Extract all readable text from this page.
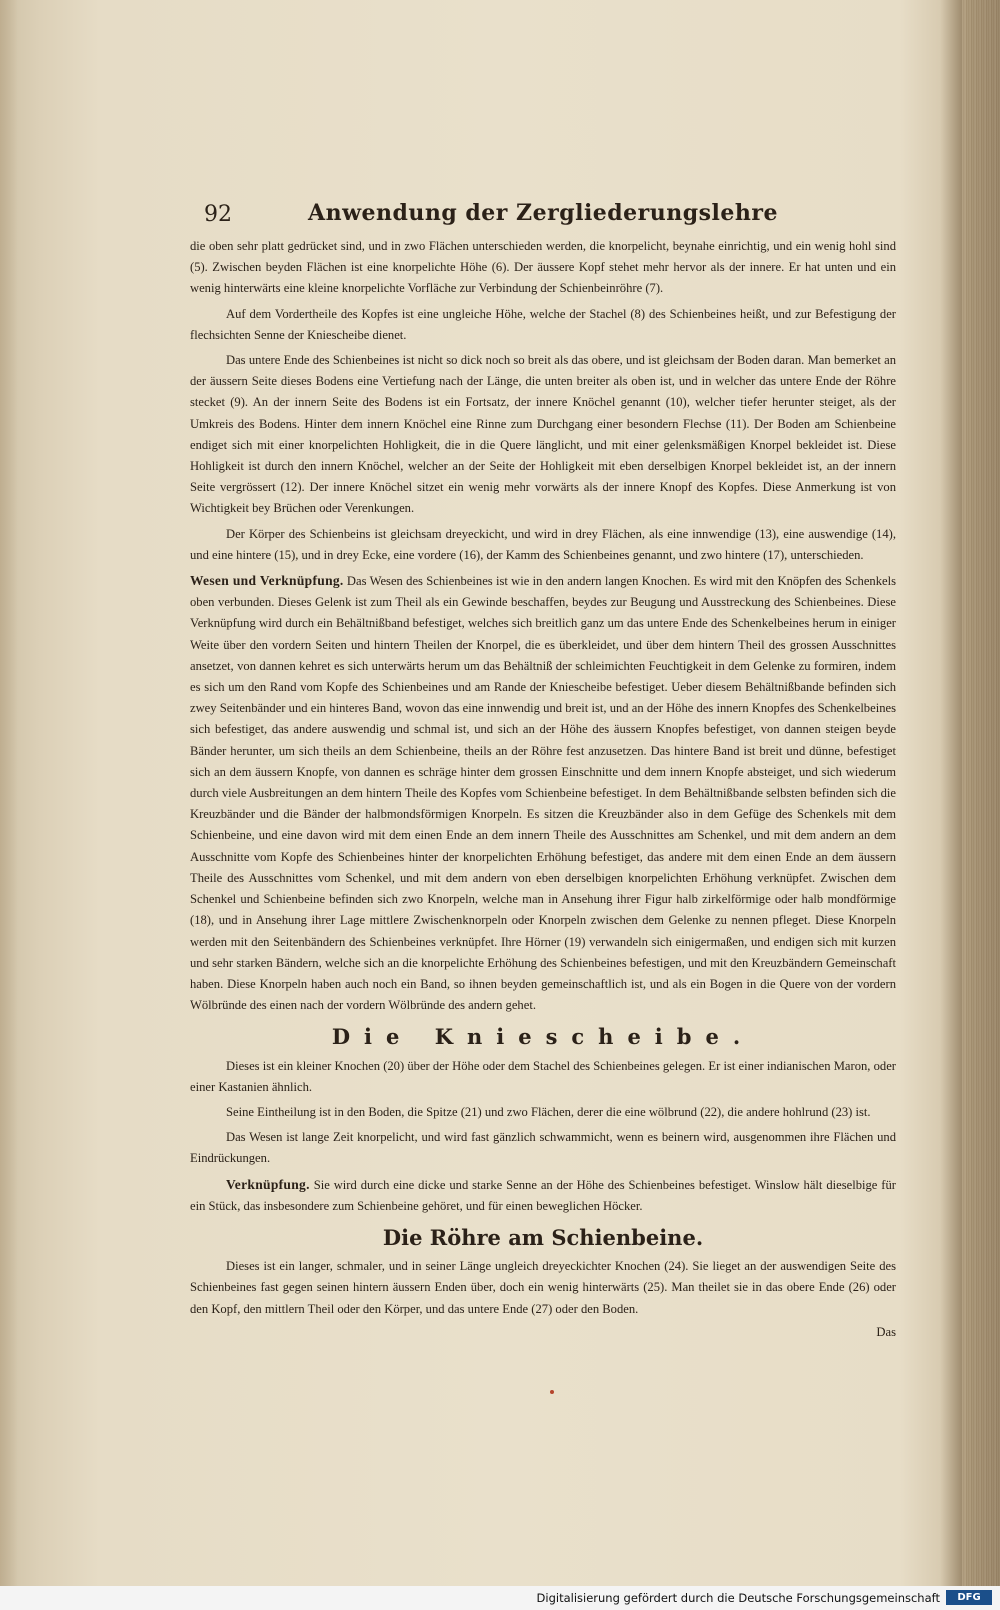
92	Anwendung der Zergliederungslehre

die oben sehr platt gedrücket sind, und in zwo Flächen unterschieden werden, die knorpelicht, beynahe einrichtig, und ein wenig hohl sind (5). Zwischen beyden Flächen ist eine knorpelichte Höhe (6). Der äussere Kopf stehet mehr hervor als der innere. Er hat unten und ein wenig hinterwärts eine kleine knorpelichte Vorfläche zur Verbindung der Schienbeinröhre (7).

Auf dem Vordertheile des Kopfes ist eine ungleiche Höhe, welche der Stachel (8) des Schienbeines heißt, und zur Befestigung der flechsichten Senne der Kniescheibe dienet.

Das untere Ende des Schienbeines ist nicht so dick noch so breit als das obere, und ist gleichsam der Boden daran. Man bemerket an der äussern Seite dieses Bodens eine Vertiefung nach der Länge, die unten breiter als oben ist, und in welcher das untere Ende der Röhre stecket (9). An der innern Seite des Bodens ist ein Fortsatz, der innere Knöchel genannt (10), welcher tiefer herunter steiget, als der Umkreis des Bodens. Hinter dem innern Knöchel eine Rinne zum Durchgang einer besondern Flechse (11). Der Boden am Schienbeine endiget sich mit einer knorpelichten Hohligkeit, die in die Quere länglicht, und mit einer gelenksmäßigen Knorpel bekleidet ist. Diese Hohligkeit ist durch den innern Knöchel, welcher an der Seite der Hohligkeit mit eben derselbigen Knorpel bekleidet ist, an der innern Seite vergrössert (12). Der innere Knöchel sitzet ein wenig mehr vorwärts als der innere Knopf des Kopfes. Diese Anmerkung ist von Wichtigkeit bey Brüchen oder Verenkungen.

Der Körper des Schienbeins ist gleichsam dreyeckicht, und wird in drey Flächen, als eine innwendige (13), eine auswendige (14), und eine hintere (15), und in drey Ecke, eine vordere (16), der Kamm des Schienbeines genannt, und zwo hintere (17), unterschieden.

Wesen und Verknüpfung. Das Wesen des Schienbeines ist wie in den andern langen Knochen. Es wird mit den Knöpfen des Schenkels oben verbunden. Dieses Gelenk ist zum Theil als ein Gewinde beschaffen, beydes zur Beugung und Ausstreckung des Schienbeines. Diese Verknüpfung wird durch ein Behältnißband befestiget, welches sich breitlich ganz um das untere Ende des Schenkelbeines herum in einiger Weite über den vordern Seiten und hintern Theilen der Knorpel, die es überkleidet, und über dem hintern Theil des grossen Ausschnittes ansetzet, von dannen kehret es sich unterwärts herum um das Behältniß der schleimichten Feuchtigkeit in dem Gelenke zu formiren, indem es sich um den Rand vom Kopfe des Schienbeines und am Rande der Kniescheibe befestiget. Ueber diesem Behältnißbande befinden sich zwey Seitenbänder und ein hinteres Band, wovon das eine innwendig und breit ist, und an der Höhe des innern Knopfes des Schenkelbeines sich befestiget, das andere auswendig und schmal ist, und sich an der Höhe des äussern Knopfes befestiget, von dannen steigen beyde Bänder herunter, um sich theils an dem Schienbeine, theils an der Röhre fest anzusetzen. Das hintere Band ist breit und dünne, befestiget sich an dem äussern Knopfe, von dannen es schräge hinter dem grossen Einschnitte und dem innern Knopfe absteiget, und sich wiederum durch viele Ausbreitungen an dem hintern Theile des Kopfes vom Schienbeine befestiget. In dem Behältnißbande selbsten befinden sich die Kreuzbänder und die Bänder der halbmondsförmigen Knorpeln. Es sitzen die Kreuzbänder also in dem Gefüge des Schenkels mit dem Schienbeine, und eine davon wird mit dem einen Ende an dem innern Theile des Ausschnittes am Schenkel, und mit dem andern an dem Ausschnitte vom Kopfe des Schienbeines hinter der knorpelichten Erhöhung befestiget, das andere mit dem einen Ende an dem äussern Theile des Ausschnittes vom Schenkel, und mit dem andern von eben derselbigen knorpelichten Erhöhung verknüpfet. Zwischen dem Schenkel und Schienbeine befinden sich zwo Knorpeln, welche man in Ansehung ihrer Figur halb zirkelförmige oder halb mondförmige (18), und in Ansehung ihrer Lage mittlere Zwischenknorpeln oder Knorpeln zwischen dem Gelenke zu nennen pfleget. Diese Knorpeln werden mit den Seitenbändern des Schienbeines verknüpfet. Ihre Hörner (19) verwandeln sich einigermaßen, und endigen sich mit kurzen und sehr starken Bändern, welche sich an die knorpelichte Erhöhung des Schienbeines befestigen, und mit den Kreuzbändern Gemeinschaft haben. Diese Knorpeln haben auch noch ein Band, so ihnen beyden gemeinschaftlich ist, und als ein Bogen in die Quere von der vordern Wölbründe des einen nach der vordern Wölbründe des andern gehet.

Die Kniescheibe.

Dieses ist ein kleiner Knochen (20) über der Höhe oder dem Stachel des Schienbeines gelegen. Er ist einer indianischen Maron, oder einer Kastanien ähnlich.

Seine Eintheilung ist in den Boden, die Spitze (21) und zwo Flächen, derer die eine wölbrund (22), die andere hohlrund (23) ist.

Das Wesen ist lange Zeit knorpelicht, und wird fast gänzlich schwammicht, wenn es beinern wird, ausgenommen ihre Flächen und Eindrückungen.

Verknüpfung. Sie wird durch eine dicke und starke Senne an der Höhe des Schienbeines befestiget. Winslow hält dieselbige für ein Stück, das insbesondere zum Schienbeine gehöret, und für einen beweglichen Höcker.

Die Röhre am Schienbeine.

Dieses ist ein langer, schmaler, und in seiner Länge ungleich dreyeckichter Knochen (24). Sie lieget an der auswendigen Seite des Schienbeines fast gegen seinen hintern äussern Enden über, doch ein wenig hinterwärts (25). Man theilet sie in das obere Ende (26) oder den Kopf, den mittlern Theil oder den Körper, und das untere Ende (27) oder den Boden.

Das
Digitalisierung gefördert durch die Deutsche Forschungsgemeinschaft	DFG
